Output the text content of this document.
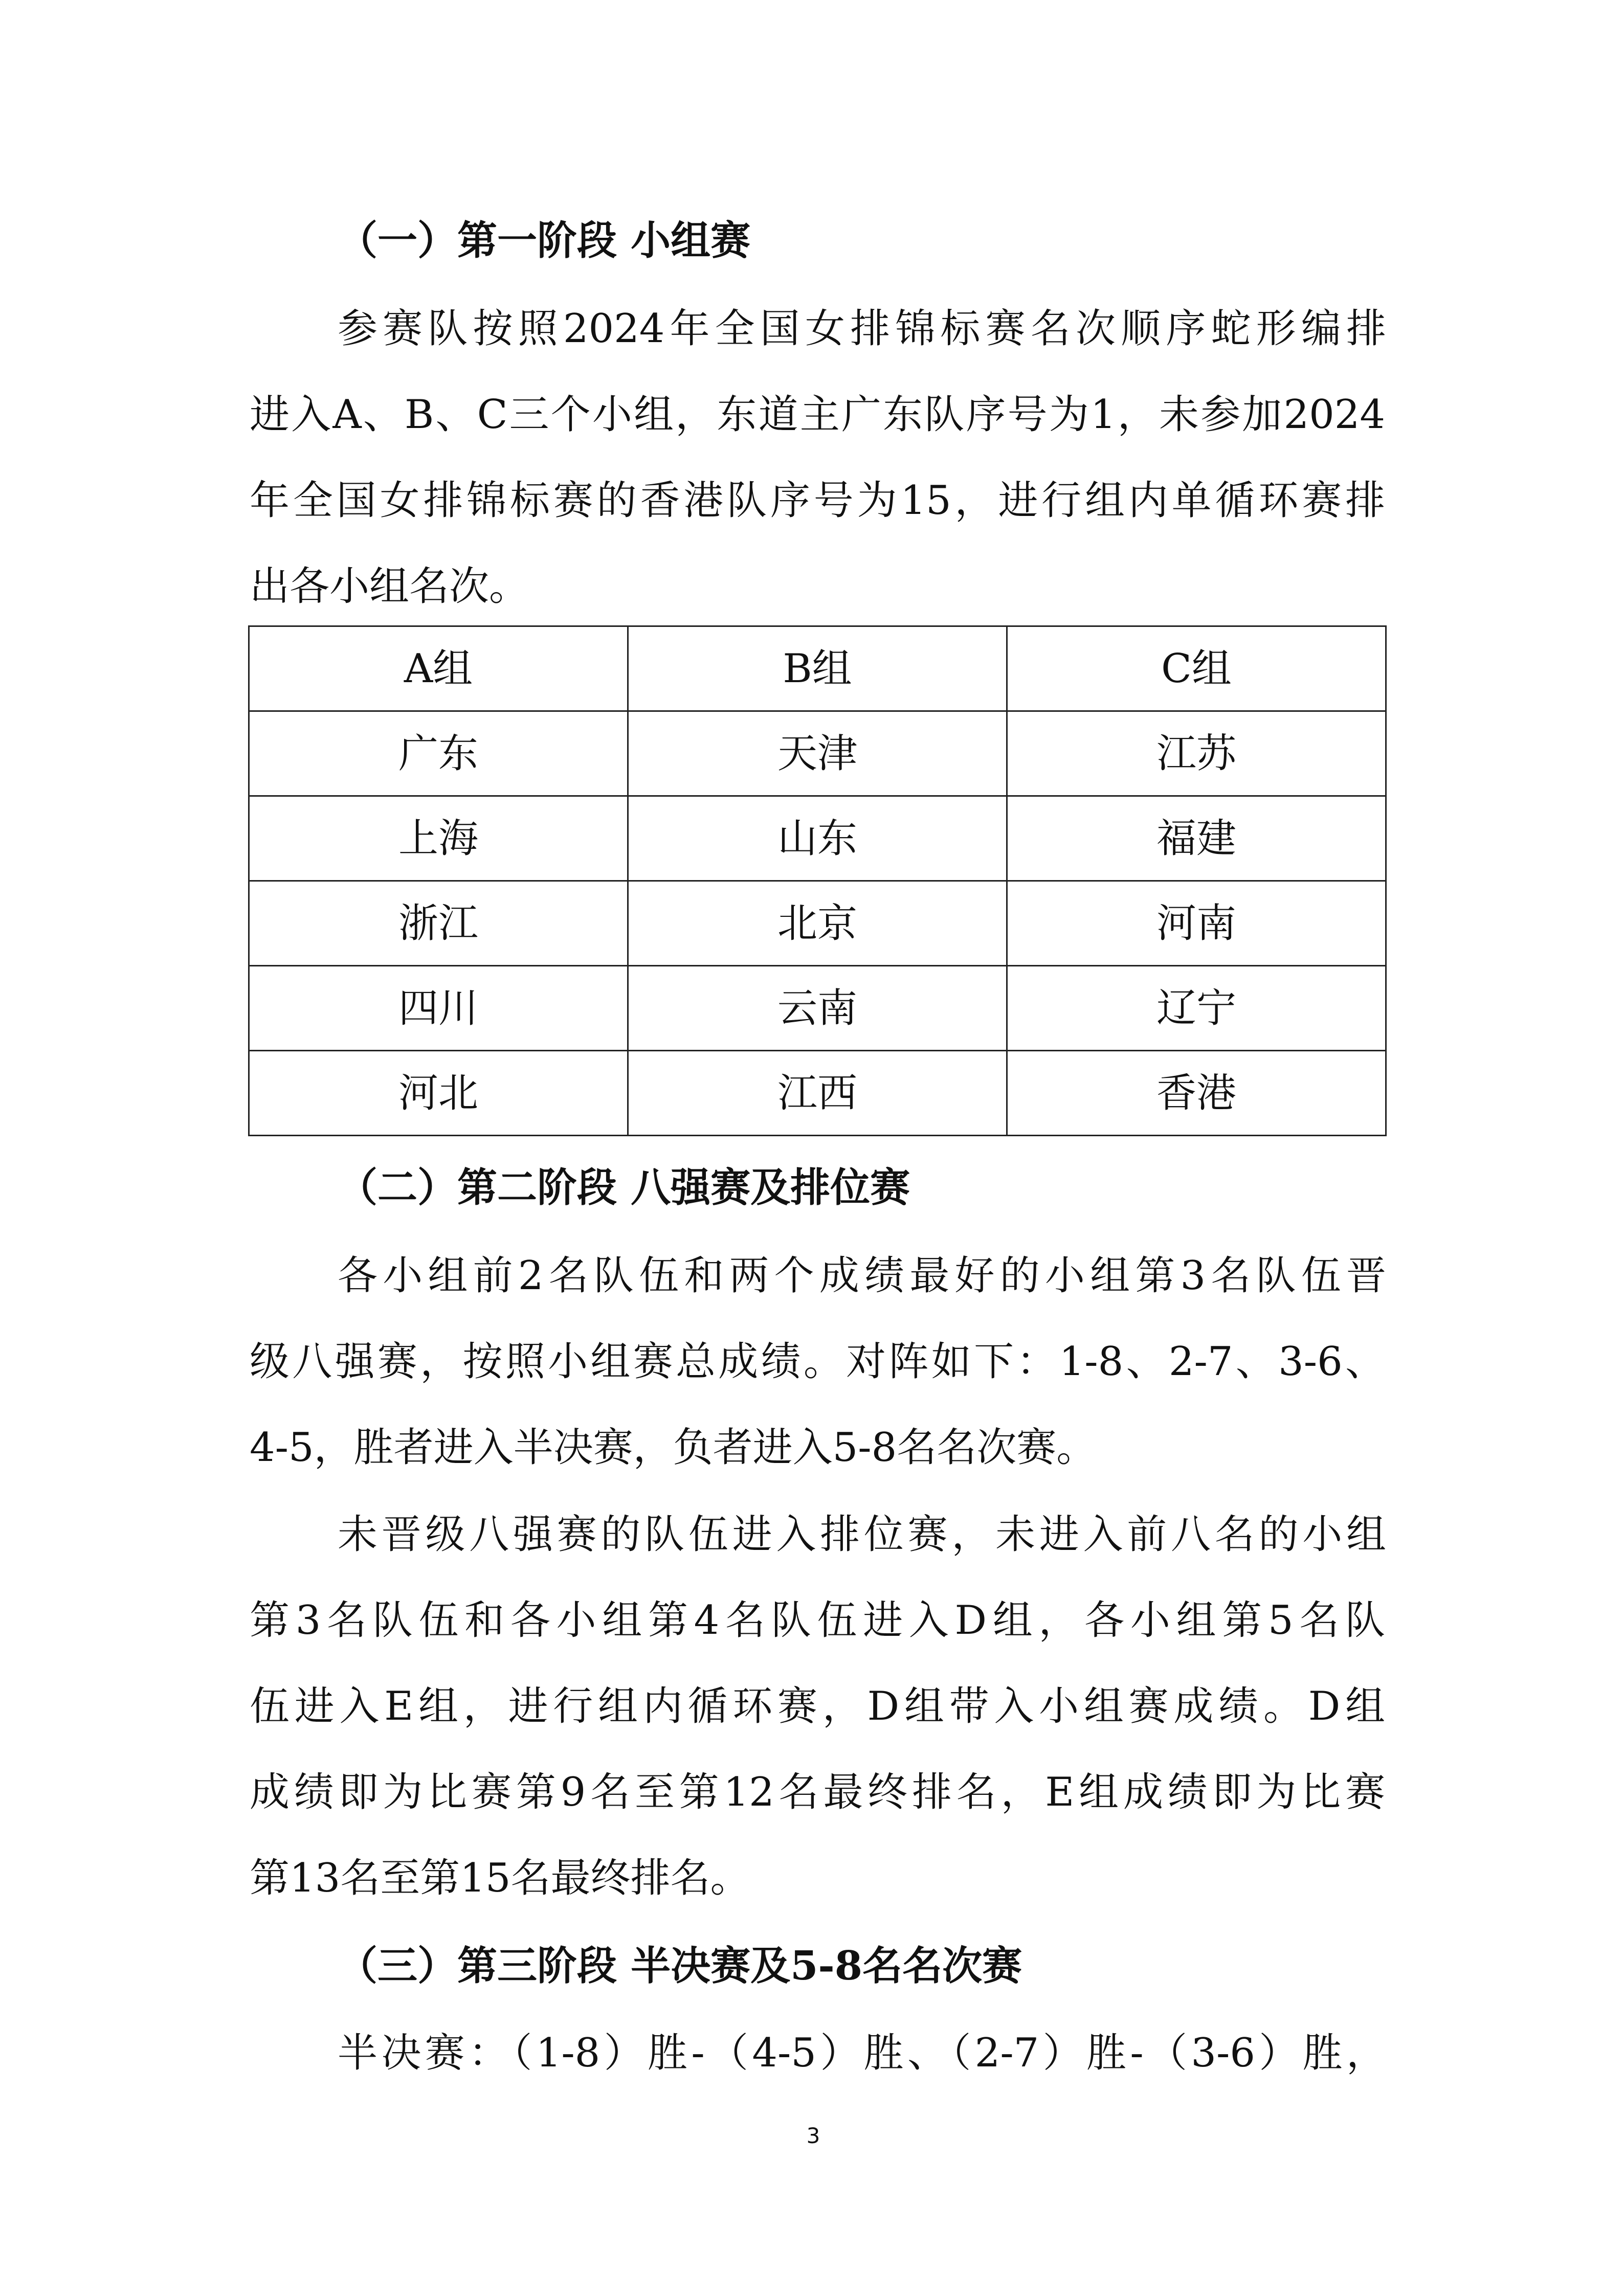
（一）第一阶段 小组赛
参赛队按照2024年全国女排锦标赛名次顺序蛇形编排
进入A、B、C三个小组，东道主广东队序号为1，未参加2024
年全国女排锦标赛的香港队序号为15，进行组内单循环赛排
出各小组名次。
A组	B组	C组
广东	天津	江苏
上海	山东	福建
浙江	北京	河南
四川	云南	辽宁
河北	江西	香港
（二）第二阶段 八强赛及排位赛
各小组前2名队伍和两个成绩最好的小组第3名队伍晋
级八强赛，按照小组赛总成绩。对阵如下：1-8、2-7、3-6、
4-5，胜者进入半决赛，负者进入5-8名名次赛。
未晋级八强赛的队伍进入排位赛，未进入前八名的小组
第3名队伍和各小组第4名队伍进入D组，各小组第5名队
伍进入E组，进行组内循环赛，D组带入小组赛成绩。D组
成绩即为比赛第9名至第12名最终排名，E组成绩即为比赛
第13名至第15名最终排名。
（三）第三阶段 半决赛及5-8名名次赛
半决赛：（1-8）胜-（4-5）胜、（2-7）胜-（3-6）胜，
3
